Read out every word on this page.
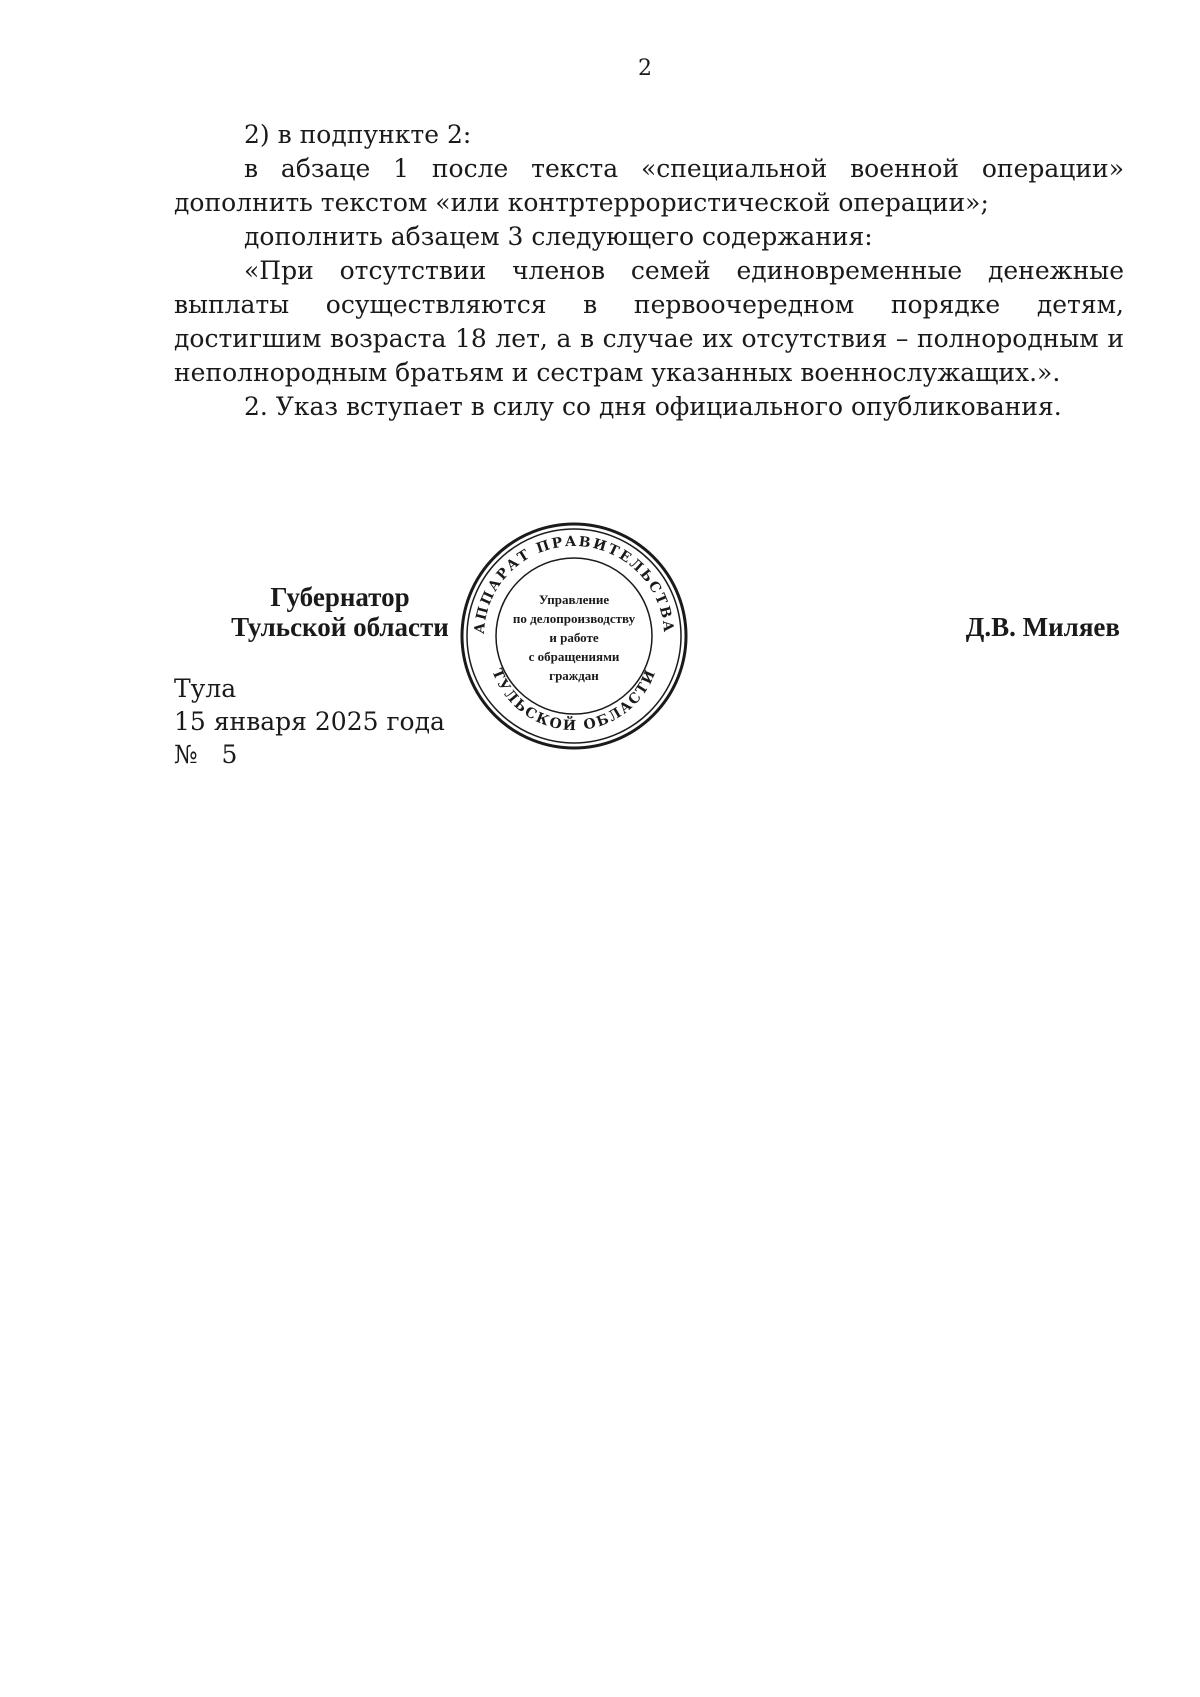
2

2) в подпункте 2:

в абзаце 1 после текста «специальной военной операции» дополнить текстом «или контртеррористической операции»;

дополнить абзацем 3 следующего содержания:

«При отсутствии членов семей единовременные денежные выплаты осуществляются в первоочередном порядке детям, достигшим возраста 18 лет, а в случае их отсутствия – полнородным и неполнородным братьям и сестрам указанных военнослужащих.».

2. Указ вступает в силу со дня официального опубликования.

Губернатор
Тульской области	Д.В. Миляев
АППАРАТ ПРАВИТЕЛЬСТВА
ТУЛЬСКОЙ ОБЛАСТИ
Управление
по делопроизводству
и работе
с обращениями
граждан
Тула
15 января 2025 года
№   5
